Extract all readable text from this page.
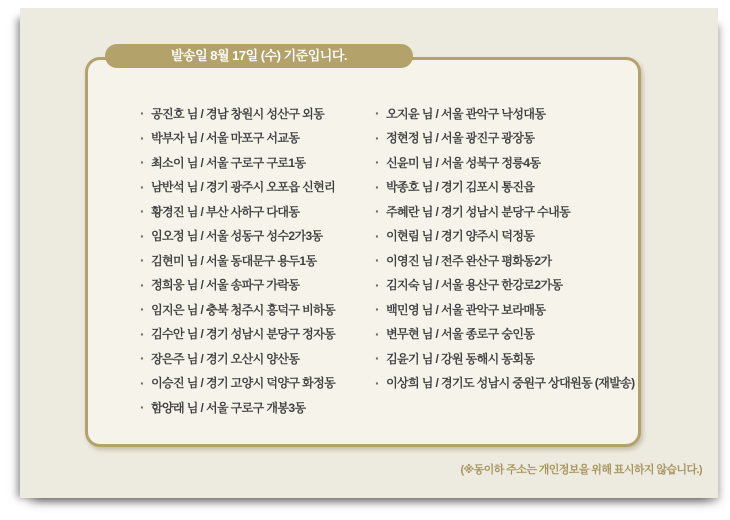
발송일 8월 17일 (수) 기준입니다.
· 공진호 님 / 경남 창원시 성산구 외동
· 박부자 님 / 서울 마포구 서교동
· 최소이 님 / 서울 구로구 구로1동
· 남반석 님 / 경기 광주시 오포읍 신현리
· 황경진 님 / 부산 사하구 다대동
· 임오정 님 / 서울 성동구 성수2가3동
· 김현미 님 / 서울 동대문구 용두1동
· 정희웅 님 / 서울 송파구 가락동
· 임지은 님 / 충북 청주시 흥덕구 비하동
· 김수안 님 / 경기 성남시 분당구 정자동
· 장은주 님 / 경기 오산시 양산동
· 이승진 님 / 경기 고양시 덕양구 화정동
· 함양래 님 / 서울 구로구 개봉3동
· 오지윤 님 / 서울 관악구 낙성대동
· 정현정 님 / 서울 광진구 광장동
· 신윤미 님 / 서울 성북구 정릉4동
· 박종호 님 / 경기 김포시 통진읍
· 주혜란 님 / 경기 성남시 분당구 수내동
· 이현림 님 / 경기 양주시 덕정동
· 이영진 님 / 전주 완산구 평화동2가
· 김지숙 님 / 서울 용산구 한강로2가동
· 백민영 님 / 서울 관악구 보라매동
· 변무현 님 / 서울 종로구 숭인동
· 김윤기 님 / 강원 동해시 동회동
· 이상희 님 / 경기도 성남시 중원구 상대원동 (재발송)
(※동이하 주소는 개인정보을 위해 표시하지 않습니다.)
